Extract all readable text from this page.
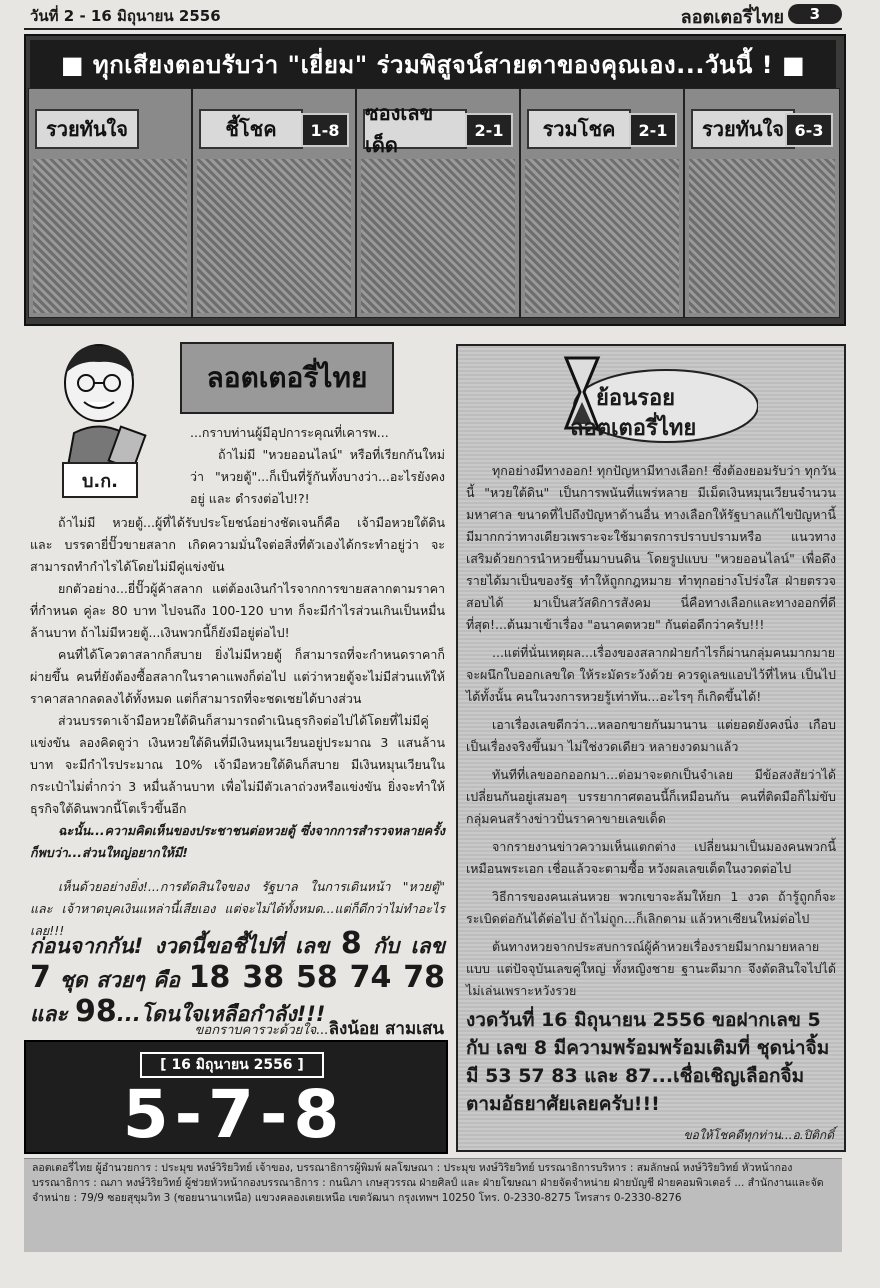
วันที่ 2 - 16 มิถุนายน 2556	ลอตเตอรี่ไทย	3
■ ทุกเสียงตอบรับว่า "เยี่ยม" ร่วมพิสูจน์สายตาของคุณเอง...วันนี้ ! ■
รวยทันใจ	ชี้โชค	1-8
ซองเลขเด็ด
2-1	รวมโชค	2-1	รวยทันใจ 6-3
บ.ก.
ลอตเตอรี่ไทย
...กราบท่านผู้มีอุปการะคุณที่เคารพ...

ถ้าไม่มี "หวยออนไลน์" หรือที่เรียกกันใหม่ว่า "หวยตู้"...ก็เป็นที่รู้กันทั้งบางว่า...อะไรยังคงอยู่ และ ดำรงต่อไป!?!

ถ้าไม่มี หวยตู้...ผู้ที่ได้รับประโยชน์อย่างชัดเจนก็คือ เจ้ามือหวยใต้ดิน และ บรรดายี่ปั๊วขายสลาก เกิดความมั่นใจต่อสิ่งที่ตัวเองได้กระทำอยู่ว่า จะสามารถทำกำไรได้โดยไม่มีคู่แข่งขัน

ยกตัวอย่าง...ยี่ปั๊วผู้ค้าสลาก แต่ต้องเงินกำไรจากการขายสลากตามราคาที่กำหนด คู่ละ 80 บาท ไปจนถึง 100-120 บาท ก็จะมีกำไรส่วนเกินเป็นหมื่นล้านบาท ถ้าไม่มีหวยตู้...เงินพวกนี้ก็ยังมีอยู่ต่อไป!

คนที่ได้โควตาสลากก็สบาย ยิ่งไม่มีหวยตู้ ก็สามารถที่จะกำหนดราคาก็ผ่ายขึ้น คนที่ยังต้องซื้อสลากในราคาแพงก็ต่อไป แต่ว่าหวยตู้จะไม่มีส่วนแท้ให้ราคาสลากลดลงได้ทั้งหมด แต่ก็สามารถที่จะชดเชยได้บางส่วน

ส่วนบรรดาเจ้ามือหวยใต้ดินก็สามารถดำเนินธุรกิจต่อไปได้โดยที่ไม่มีคู่แข่งขัน ลองคิดดูว่า เงินหวยใต้ดินที่มีเงินหมุนเวียนอยู่ประมาณ 3 แสนล้านบาท จะมีกำไรประมาณ 10% เจ้ามือหวยใต้ดินก็สบาย มีเงินหมุนเวียนในกระเป๋าไม่ต่ำกว่า 3 หมื่นล้านบาท เพื่อไม่มีตัวเลาถ่วงหรือแข่งขัน ยิ่งจะทำให้ธุรกิจใต้ดินพวกนี้โตเร็วขึ้นอีก

ฉะนั้น...ความคิดเห็นของประชาชนต่อหวยตู้ ซึ่งจากการสำรวจหลายครั้งก็พบว่า...ส่วนใหญ่อยากให้มี!

เห็นด้วยอย่างยิ่ง!...การตัดสินใจของ รัฐบาล ในการเดินหน้า "หวยตู้" และ เจ้าหาดบุคเงินแหล่านี้เสียเอง แต่จะไม่ได้ทั้งหมด...แต่ก็ดีกว่าไม่ทำอะไรเลย!!!

ก่อนจากกัน! งวดนี้ขอชี้ไปที่ เลข 8 กับ เลข 7 ชุด สวยๆ คือ 18 38 58 74 78 และ 98...โดนใจเหลือกำลัง!!!
ขอกราบคารวะด้วยใจ...ลิงน้อย สามเสน
[ 16 มิถุนายน 2556 ]
5-7-8
ย้อนรอย
ลอตเตอรี่ไทย

ทุกอย่างมีทางออก! ทุกปัญหามีทางเลือก! ซึ่งต้องยอมรับว่า ทุกวันนี้ "หวยใต้ดิน" เป็นการพนันที่แพร่หลาย มีเม็ดเงินหมุนเวียนจำนวนมหาศาล ขนาดที่ไปถึงปัญหาด้านอื่น ทางเลือกให้รัฐบาลแก้ไขปัญหานี้มีมากกว่าทางเดียวเพราะจะใช้มาตรการปราบปรามหรือ แนวทางเสริมด้วยการนำหวยขึ้นมาบนดิน โดยรูปแบบ "หวยออนไลน์" เพื่อดึงรายได้มาเป็นของรัฐ ทำให้ถูกกฎหมาย ทำทุกอย่างโปร่งใส ฝ่ายตรวจสอบได้ มาเป็นสวัสดิการสังคม นี่คือทางเลือกและทางออกที่ดีที่สุด!...ต้นมาเข้าเรื่อง "อนาคตหวย" กันต่อดีกว่าครับ!!!

...แต่ที่นั่นเหตุผล...เรื่องของสลากฝ่ายกำไรก็ผ่านกลุ่มคนมากมาย จะผนึกใบออกเลขใด ให้ระมัดระวังด้วย ควรดูเลขแอบไว้ที่ไหน เป็นไปได้ทั้งนั้น คนในวงการหวยรู้เท่าทัน...อะไรๆ ก็เกิดขึ้นได้!

เอาเรื่องเลขดีกว่า...หลอกขายกันมานาน แต่ยอดยังคงนิ่ง เกือบเป็นเรื่องจริงขึ้นมา ไม่ใช่งวดเดียว หลายงวดมาแล้ว

ทันทีที่เลขออกออกมา...ต่อมาจะตกเป็นจำเลย มีข้อสงสัยว่าได้เปลี่ยนกันอยู่เสมอๆ บรรยากาศตอนนี้ก็เหมือนกัน คนที่ติดมือก็ไม่ขับกลุ่มคนสร้างข่าวปั่นราคาขายเลขเด็ด

จากรายงานข่าวความเห็นแตกต่าง เปลี่ยนมาเป็นมองคนพวกนี้เหมือนพระเอก เชื่อแล้วจะตามซื้อ หวังผลเลขเด็ดในงวดต่อไป

วิธีการของคนเล่นหวย พวกเขาจะล้มให้ยก 1 งวด ถ้ารู้ถูกก็จะระเบิดต่อกันได้ต่อไป ถ้าไม่ถูก...ก็เลิกตาม แล้วหาเซียนใหม่ต่อไป

ต้นทางหวยจากประสบการณ์ผู้ค้าหวยเรื่องรายมีมากมายหลายแบบ แต่ปัจจุบันเลขคู่ใหญ่ ทั้งหญิงชาย ฐานะดีมาก จึงตัดสินใจไปได้ ไม่เล่นเพราะหวังรวย

งวดวันที่ 16 มิถุนายน 2556 ขอฝากเลข 5 กับ เลข 8 มีความพร้อมพร้อมเติมที่ ชุดน่าจิ้ม มี 53 57 83 และ 87...เชื่อเชิญเลือกจิ้มตามอัธยาศัยเลยครับ!!!
ขอให้โชคดีทุกท่าน...อ.ปิติกดิ์
ลอตเตอรี่ไทย ผู้อำนวยการ : ประมุข หงษ์วิริยวิทย์ เจ้าของ, บรรณาธิการผู้พิมพ์ ผลโฆษณา : ประมุข หงษ์วิริยวิทย์ บรรณาธิการบริหาร : สมลักษณ์ หงษ์วิริยวิทย์ หัวหน้ากองบรรณาธิการ : ณภา หงษ์วิริยวิทย์ ผู้ช่วยหัวหน้ากองบรรณาธิการ : กนนิภา เกษสุวรรณ ฝ่ายศิลป์ และ ฝ่ายโฆษณา ฝ่ายจัดจำหน่าย ฝ่ายบัญชี ฝ่ายคอมพิวเตอร์ ... สำนักงานและจัดจำหน่าย : 79/9 ซอยสุขุมวิท 3 (ซอยนานาเหนือ) แขวงคลองเตยเหนือ เขตวัฒนา กรุงเทพฯ 10250 โทร. 0-2330-8275 โทรสาร 0-2330-8276
